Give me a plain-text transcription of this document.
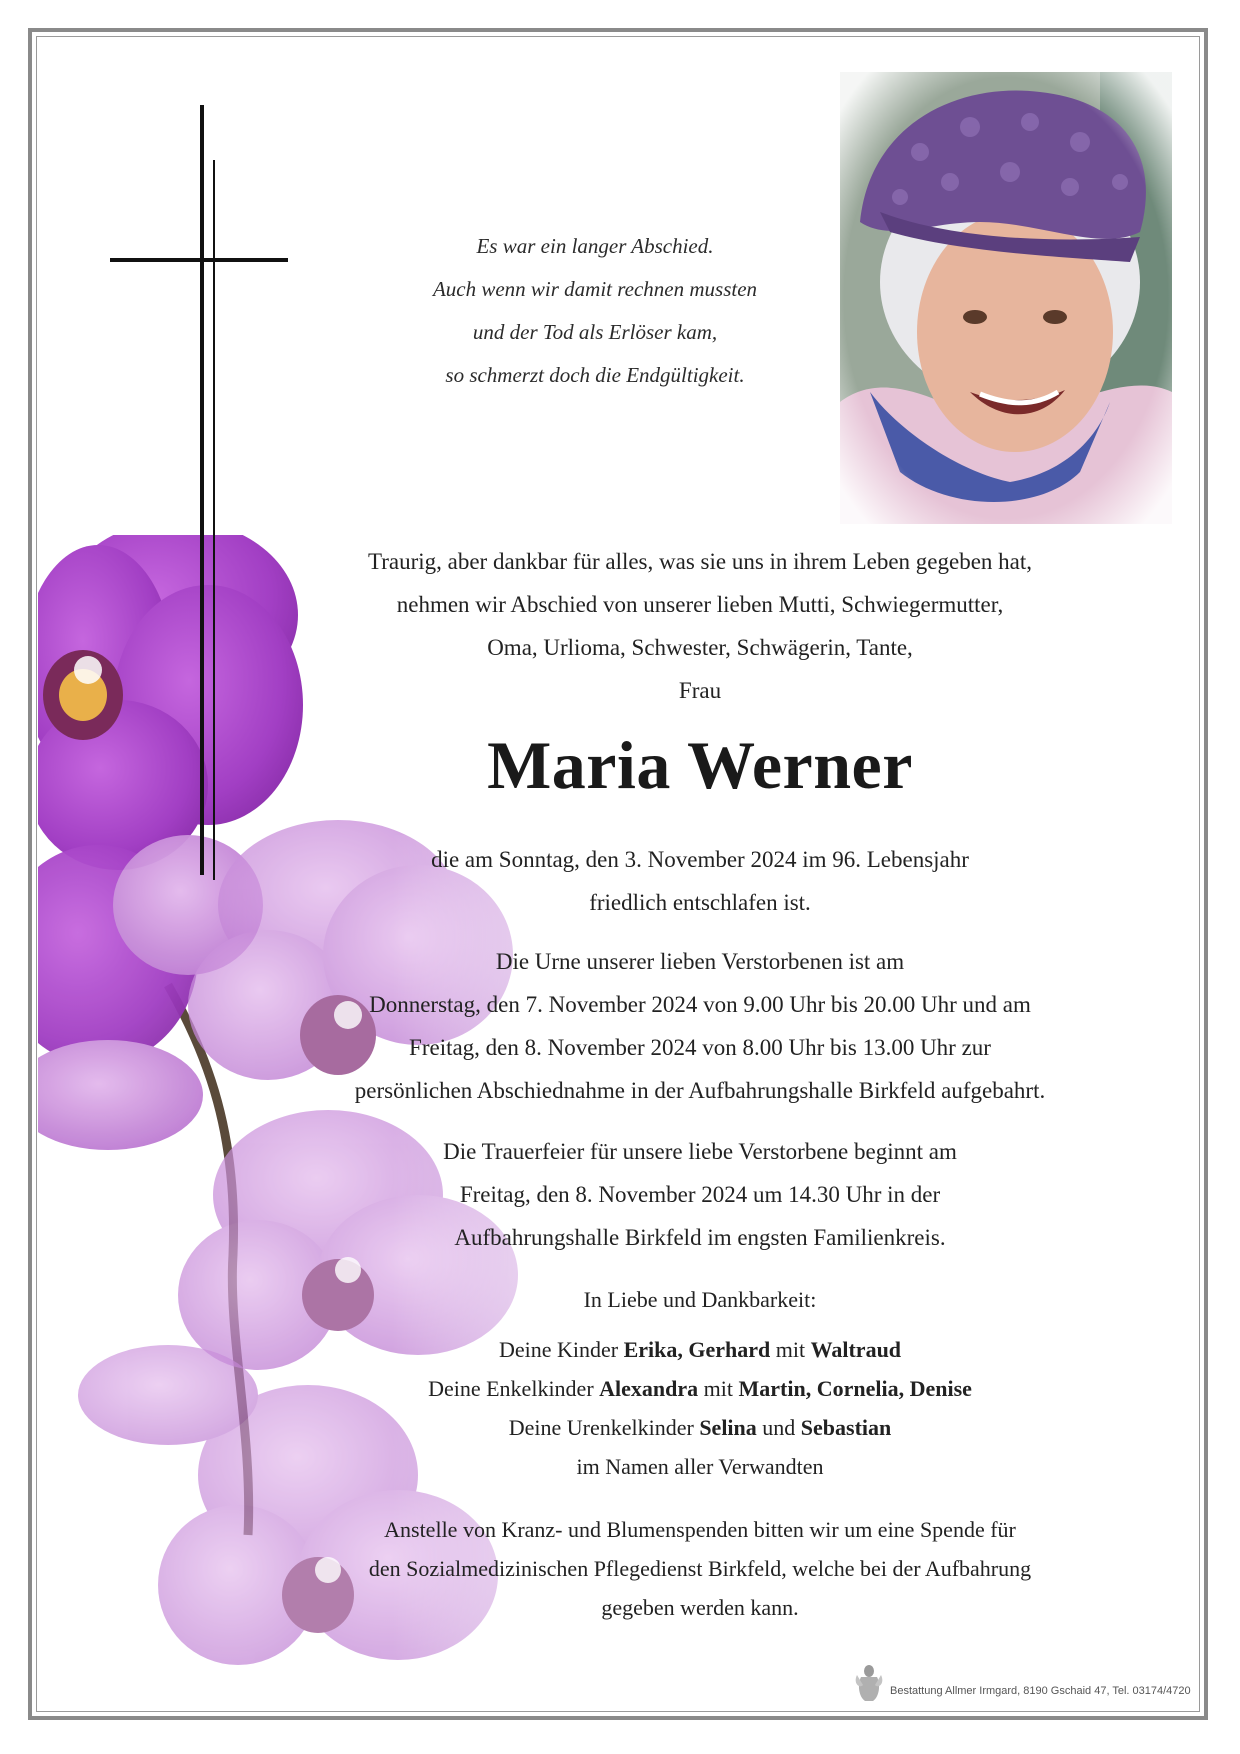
Es war ein langer Abschied.
Auch wenn wir damit rechnen mussten
und der Tod als Erlöser kam,
so schmerzt doch die Endgültigkeit.
Traurig, aber dankbar für alles, was sie uns in ihrem Leben gegeben hat,
nehmen wir Abschied von unserer lieben Mutti, Schwiegermutter,
Oma, Urlioma, Schwester, Schwägerin, Tante,
Frau
Maria Werner
die am Sonntag, den 3. November 2024 im 96. Lebensjahr
friedlich entschlafen ist.
Die Urne unserer lieben Verstorbenen ist am
Donnerstag, den 7. November 2024 von 9.00 Uhr bis 20.00 Uhr und am
Freitag, den 8. November 2024 von 8.00 Uhr bis 13.00 Uhr zur
persönlichen Abschiednahme in der Aufbahrungshalle Birkfeld aufgebahrt.
Die Trauerfeier für unsere liebe Verstorbene beginnt am
Freitag, den 8. November 2024 um 14.30 Uhr in der
Aufbahrungshalle Birkfeld im engsten Familienkreis.
In Liebe und Dankbarkeit:
Deine Kinder Erika, Gerhard mit Waltraud
Deine Enkelkinder Alexandra mit Martin, Cornelia, Denise
Deine Urenkelkinder Selina und Sebastian
im Namen aller Verwandten
Anstelle von Kranz- und Blumenspenden bitten wir um eine Spende für
den Sozialmedizinischen Pflegedienst Birkfeld, welche bei der Aufbahrung
gegeben werden kann.
Bestattung Allmer Irmgard, 8190 Gschaid 47, Tel. 03174/4720
